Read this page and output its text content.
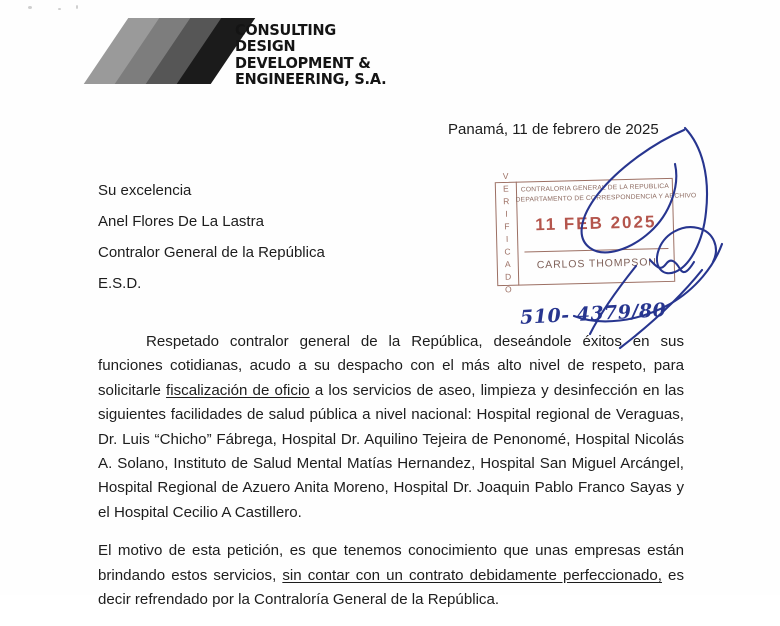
CONSULTING
DESIGN
DEVELOPMENT &
ENGINEERING, S.A.
Panamá, 11 de febrero de 2025
Su excelencia
Anel Flores De La Lastra
Contralor General de la República
E.S.D.	VERIFICADO	CONTRALORIA GENERAL DE LA REPUBLICA
DEPARTAMENTO DE CORRESPONDENCIA Y ARCHIVO
11 FEB 2025
CARLOS THOMPSON
510- 4379/80

Respetado contralor general de la República, deseándole éxitos en sus funciones cotidianas, acudo a su despacho con el más alto nivel de respeto, para solicitarle fiscalización de oficio a los servicios de aseo, limpieza y desinfección en las siguientes facilidades de salud pública a nivel nacional: Hospital regional de Veraguas, Dr. Luis “Chicho” Fábrega, Hospital Dr. Aquilino Tejeira de Penonomé, Hospital Nicolás A. Solano, Instituto de Salud Mental Matías Hernandez, Hospital San Miguel Arcángel, Hospital Regional de Azuero Anita Moreno, Hospital Dr. Joaquin Pablo Franco Sayas y el Hospital Cecilio A Castillero.

El motivo de esta petición, es que tenemos conocimiento que unas empresas están brindando estos servicios, sin contar con un contrato debidamente perfeccionado, es decir refrendado por la Contraloría General de la República.
